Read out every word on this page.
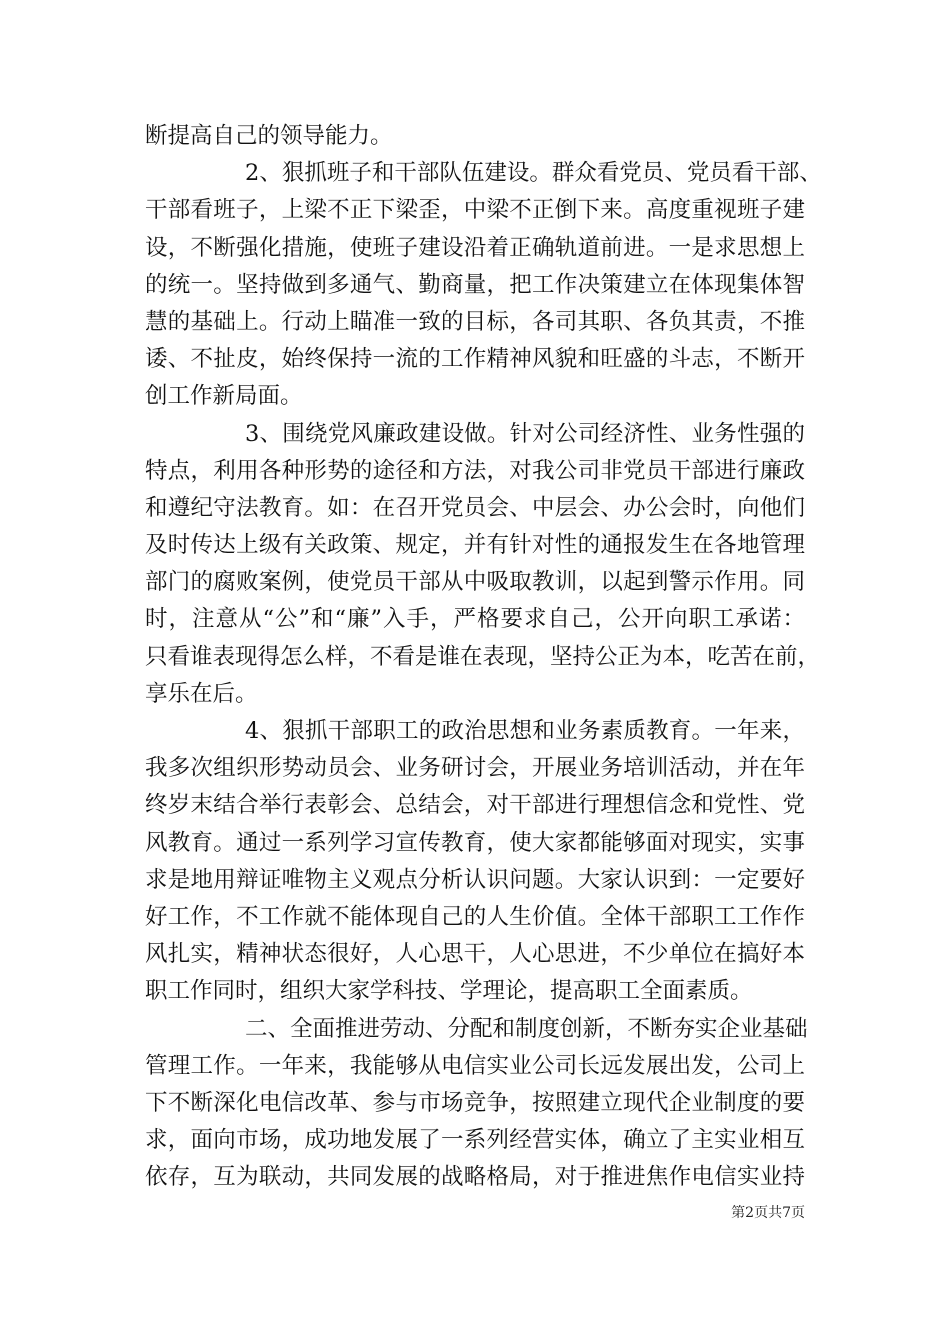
断提高自己的领导能力。
2、狠抓班子和干部队伍建设。群众看党员、党员看干部、
干部看班子，上梁不正下梁歪，中梁不正倒下来。高度重视班子建
设，不断强化措施，使班子建设沿着正确轨道前进。一是求思想上
的统一。坚持做到多通气、勤商量，把工作决策建立在体现集体智
慧的基础上。行动上瞄准一致的目标，各司其职、各负其责，不推
诿、不扯皮，始终保持一流的工作精神风貌和旺盛的斗志，不断开
创工作新局面。
3、围绕党风廉政建设做。针对公司经济性、业务性强的
特点，利用各种形势的途径和方法，对我公司非党员干部进行廉政
和遵纪守法教育。如：在召开党员会、中层会、办公会时，向他们
及时传达上级有关政策、规定，并有针对性的通报发生在各地管理
部门的腐败案例，使党员干部从中吸取教训，以起到警示作用。同
时，注意从“公”和“廉”入手，严格要求自己，公开向职工承诺：
只看谁表现得怎么样，不看是谁在表现，坚持公正为本，吃苦在前，
享乐在后。
4、狠抓干部职工的政治思想和业务素质教育。一年来，
我多次组织形势动员会、业务研讨会，开展业务培训活动，并在年
终岁末结合举行表彰会、总结会，对干部进行理想信念和党性、党
风教育。通过一系列学习宣传教育，使大家都能够面对现实，实事
求是地用辩证唯物主义观点分析认识问题。大家认识到：一定要好
好工作，不工作就不能体现自己的人生价值。全体干部职工工作作
风扎实，精神状态很好，人心思干，人心思进，不少单位在搞好本
职工作同时，组织大家学科技、学理论，提高职工全面素质。
二、全面推进劳动、分配和制度创新，不断夯实企业基础
管理工作。一年来，我能够从电信实业公司长远发展出发，公司上
下不断深化电信改革、参与市场竞争，按照建立现代企业制度的要
求，面向市场，成功地发展了一系列经营实体，确立了主实业相互
依存，互为联动，共同发展的战略格局，对于推进焦作电信实业持
第2页共7页
